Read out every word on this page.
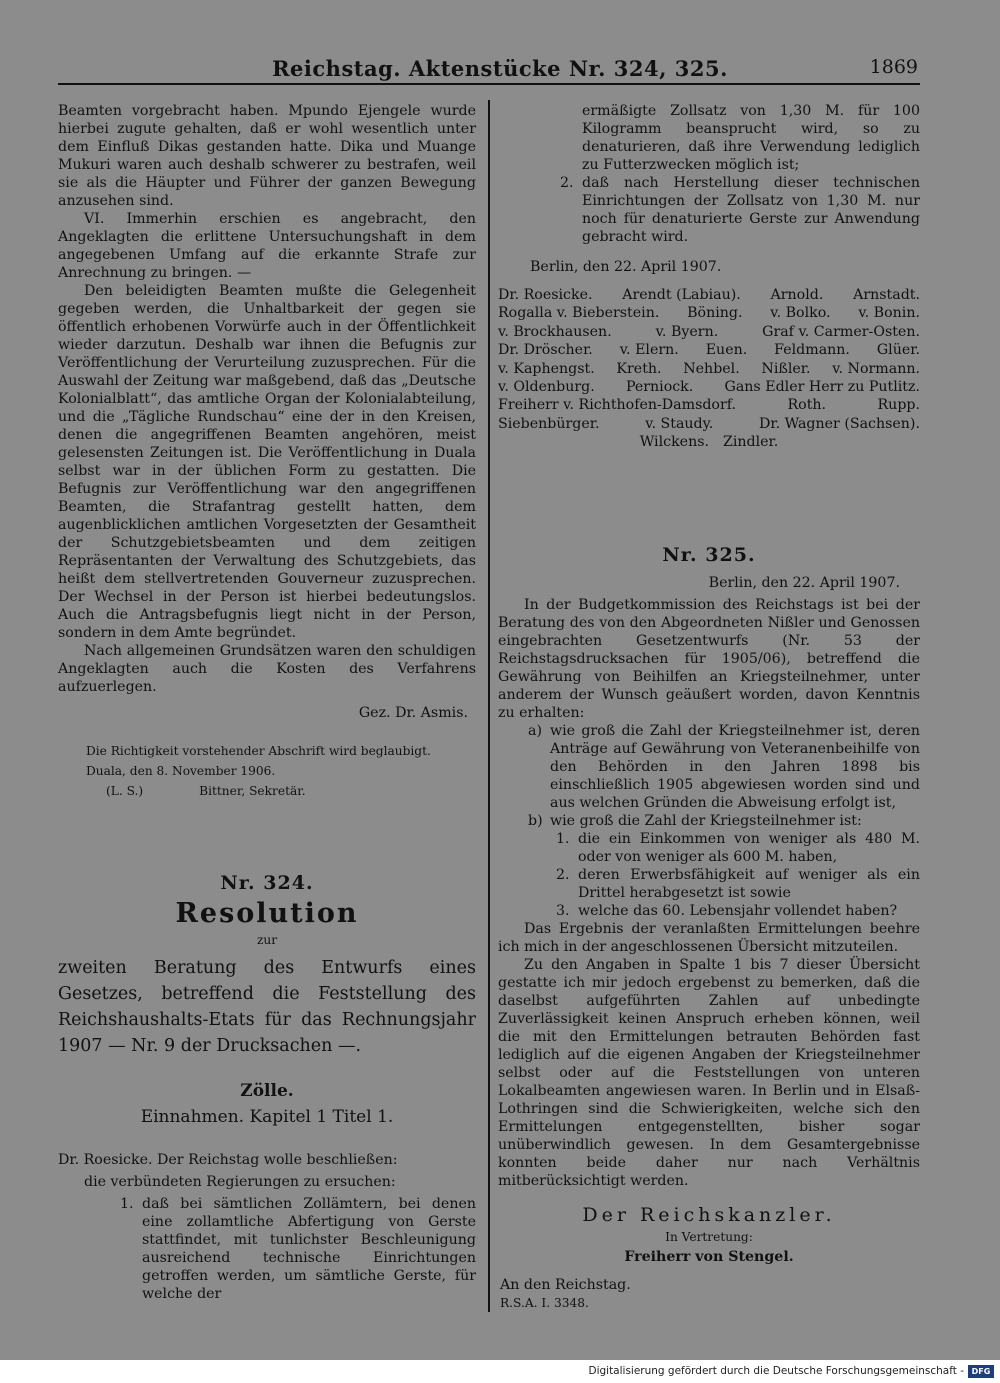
Reichstag. Aktenstücke Nr. 324, 325.	1869

Beamten vorgebracht haben. Mpundo Ejengele wurde hierbei zugute gehalten, daß er wohl wesentlich unter dem Einfluß Dikas gestanden hatte. Dika und Muange Mukuri waren auch deshalb schwerer zu bestrafen, weil sie als die Häupter und Führer der ganzen Bewegung anzusehen sind.

VI. Immerhin erschien es angebracht, den Angeklagten die erlittene Untersuchungshaft in dem angegebenen Umfang auf die erkannte Strafe zur Anrechnung zu bringen. —

Den beleidigten Beamten mußte die Gelegenheit gegeben werden, die Unhaltbarkeit der gegen sie öffentlich erhobenen Vorwürfe auch in der Öffentlichkeit wieder darzutun. Deshalb war ihnen die Befugnis zur Veröffentlichung der Verurteilung zuzusprechen. Für die Auswahl der Zeitung war maßgebend, daß das „Deutsche Kolonialblatt“, das amtliche Organ der Kolonialabteilung, und die „Tägliche Rundschau“ eine der in den Kreisen, denen die angegriffenen Beamten angehören, meist gelesensten Zeitungen ist. Die Veröffentlichung in Duala selbst war in der üblichen Form zu gestatten. Die Befugnis zur Veröffentlichung war den angegriffenen Beamten, die Strafantrag gestellt hatten, dem augenblicklichen amtlichen Vorgesetzten der Gesamtheit der Schutzgebietsbeamten und dem zeitigen Repräsentanten der Verwaltung des Schutzgebiets, das heißt dem stellvertretenden Gouverneur zuzusprechen. Der Wechsel in der Person ist hierbei bedeutungslos. Auch die Antragsbefugnis liegt nicht in der Person, sondern in dem Amte begründet.

Nach allgemeinen Grundsätzen waren den schuldigen Angeklagten auch die Kosten des Verfahrens aufzuerlegen.

Gez. Dr. Asmis.

Die Richtigkeit vorstehender Abschrift wird beglaubigt.

Duala, den 8. November 1906.

(L. S.)	Bittner, Sekretär.

Nr. 324.

Resolution

zur

zweiten Beratung des Entwurfs eines Gesetzes, betreffend die Feststellung des Reichshaushalts-Etats für das Rechnungsjahr 1907 — Nr. 9 der Drucksachen —.

Zölle.

Einnahmen. Kapitel 1 Titel 1.

Dr. Roesicke. Der Reichstag wolle beschließen:

die verbündeten Regierungen zu ersuchen:

1. daß bei sämtlichen Zollämtern, bei denen eine zollamtliche Abfertigung von Gerste stattfindet, mit tunlichster Beschleunigung ausreichend technische Einrichtungen getroffen werden, um sämtliche Gerste, für welche der

ermäßigte Zollsatz von 1,30 M. für 100 Kilogramm beansprucht wird, so zu denaturieren, daß ihre Verwendung lediglich zu Futterzwecken möglich ist;

2. daß nach Herstellung dieser technischen Einrichtungen der Zollsatz von 1,30 M. nur noch für denaturierte Gerste zur Anwendung gebracht wird.

Berlin, den 22. April 1907.

Dr. Roesicke. Arendt (Labiau). Arnold. Arnstadt.
Rogalla v. Bieberstein. Böning. v. Bolko. v. Bonin.
v. Brockhausen.	v. Byern.	Graf v. Carmer-Osten.
Dr. Dröscher. v. Elern. Euen. Feldmann. Glüer.
v. Kaphengst. Kreth. Nehbel. Nißler. v. Normann.
v. Oldenburg. Perniock. Gans Edler Herr zu Putlitz.
Freiherr v. Richthofen-Damsdorf.	Roth.	Rupp.
Siebenbürger.	v. Staudy.	Dr. Wagner (Sachsen).
Wilckens. Zindler.

Nr. 325.

Berlin, den 22. April 1907.

In der Budgetkommission des Reichstags ist bei der Beratung des von den Abgeordneten Nißler und Genossen eingebrachten Gesetzentwurfs (Nr. 53 der Reichstagsdrucksachen für 1905/06), betreffend die Gewährung von Beihilfen an Kriegsteilnehmer, unter anderem der Wunsch geäußert worden, davon Kenntnis zu erhalten:

a) wie groß die Zahl der Kriegsteilnehmer ist, deren Anträge auf Gewährung von Veteranenbeihilfe von den Behörden in den Jahren 1898 bis einschließlich 1905 abgewiesen worden sind und aus welchen Gründen die Abweisung erfolgt ist,
b) wie groß die Zahl der Kriegsteilnehmer ist:
1. die ein Einkommen von weniger als 480 M. oder von weniger als 600 M. haben,
2. deren Erwerbsfähigkeit auf weniger als ein Drittel herabgesetzt ist sowie
3. welche das 60. Lebensjahr vollendet haben?

Das Ergebnis der veranlaßten Ermittelungen beehre ich mich in der angeschlossenen Übersicht mitzuteilen.

Zu den Angaben in Spalte 1 bis 7 dieser Übersicht gestatte ich mir jedoch ergebenst zu bemerken, daß die daselbst aufgeführten Zahlen auf unbedingte Zuverlässigkeit keinen Anspruch erheben können, weil die mit den Ermittelungen betrauten Behörden fast lediglich auf die eigenen Angaben der Kriegsteilnehmer selbst oder auf die Feststellungen von unteren Lokalbeamten angewiesen waren. In Berlin und in Elsaß-Lothringen sind die Schwierigkeiten, welche sich den Ermittelungen entgegenstellten, bisher sogar unüberwindlich gewesen. In dem Gesamtergebnisse konnten beide daher nur nach Verhältnis mitberücksichtigt werden.

Der Reichskanzler.

In Vertretung:

Freiherr von Stengel.

An den Reichstag.

R.S.A. I. 3348.

Digitalisierung gefördert durch die Deutsche Forschungsgemeinschaft - DFG
